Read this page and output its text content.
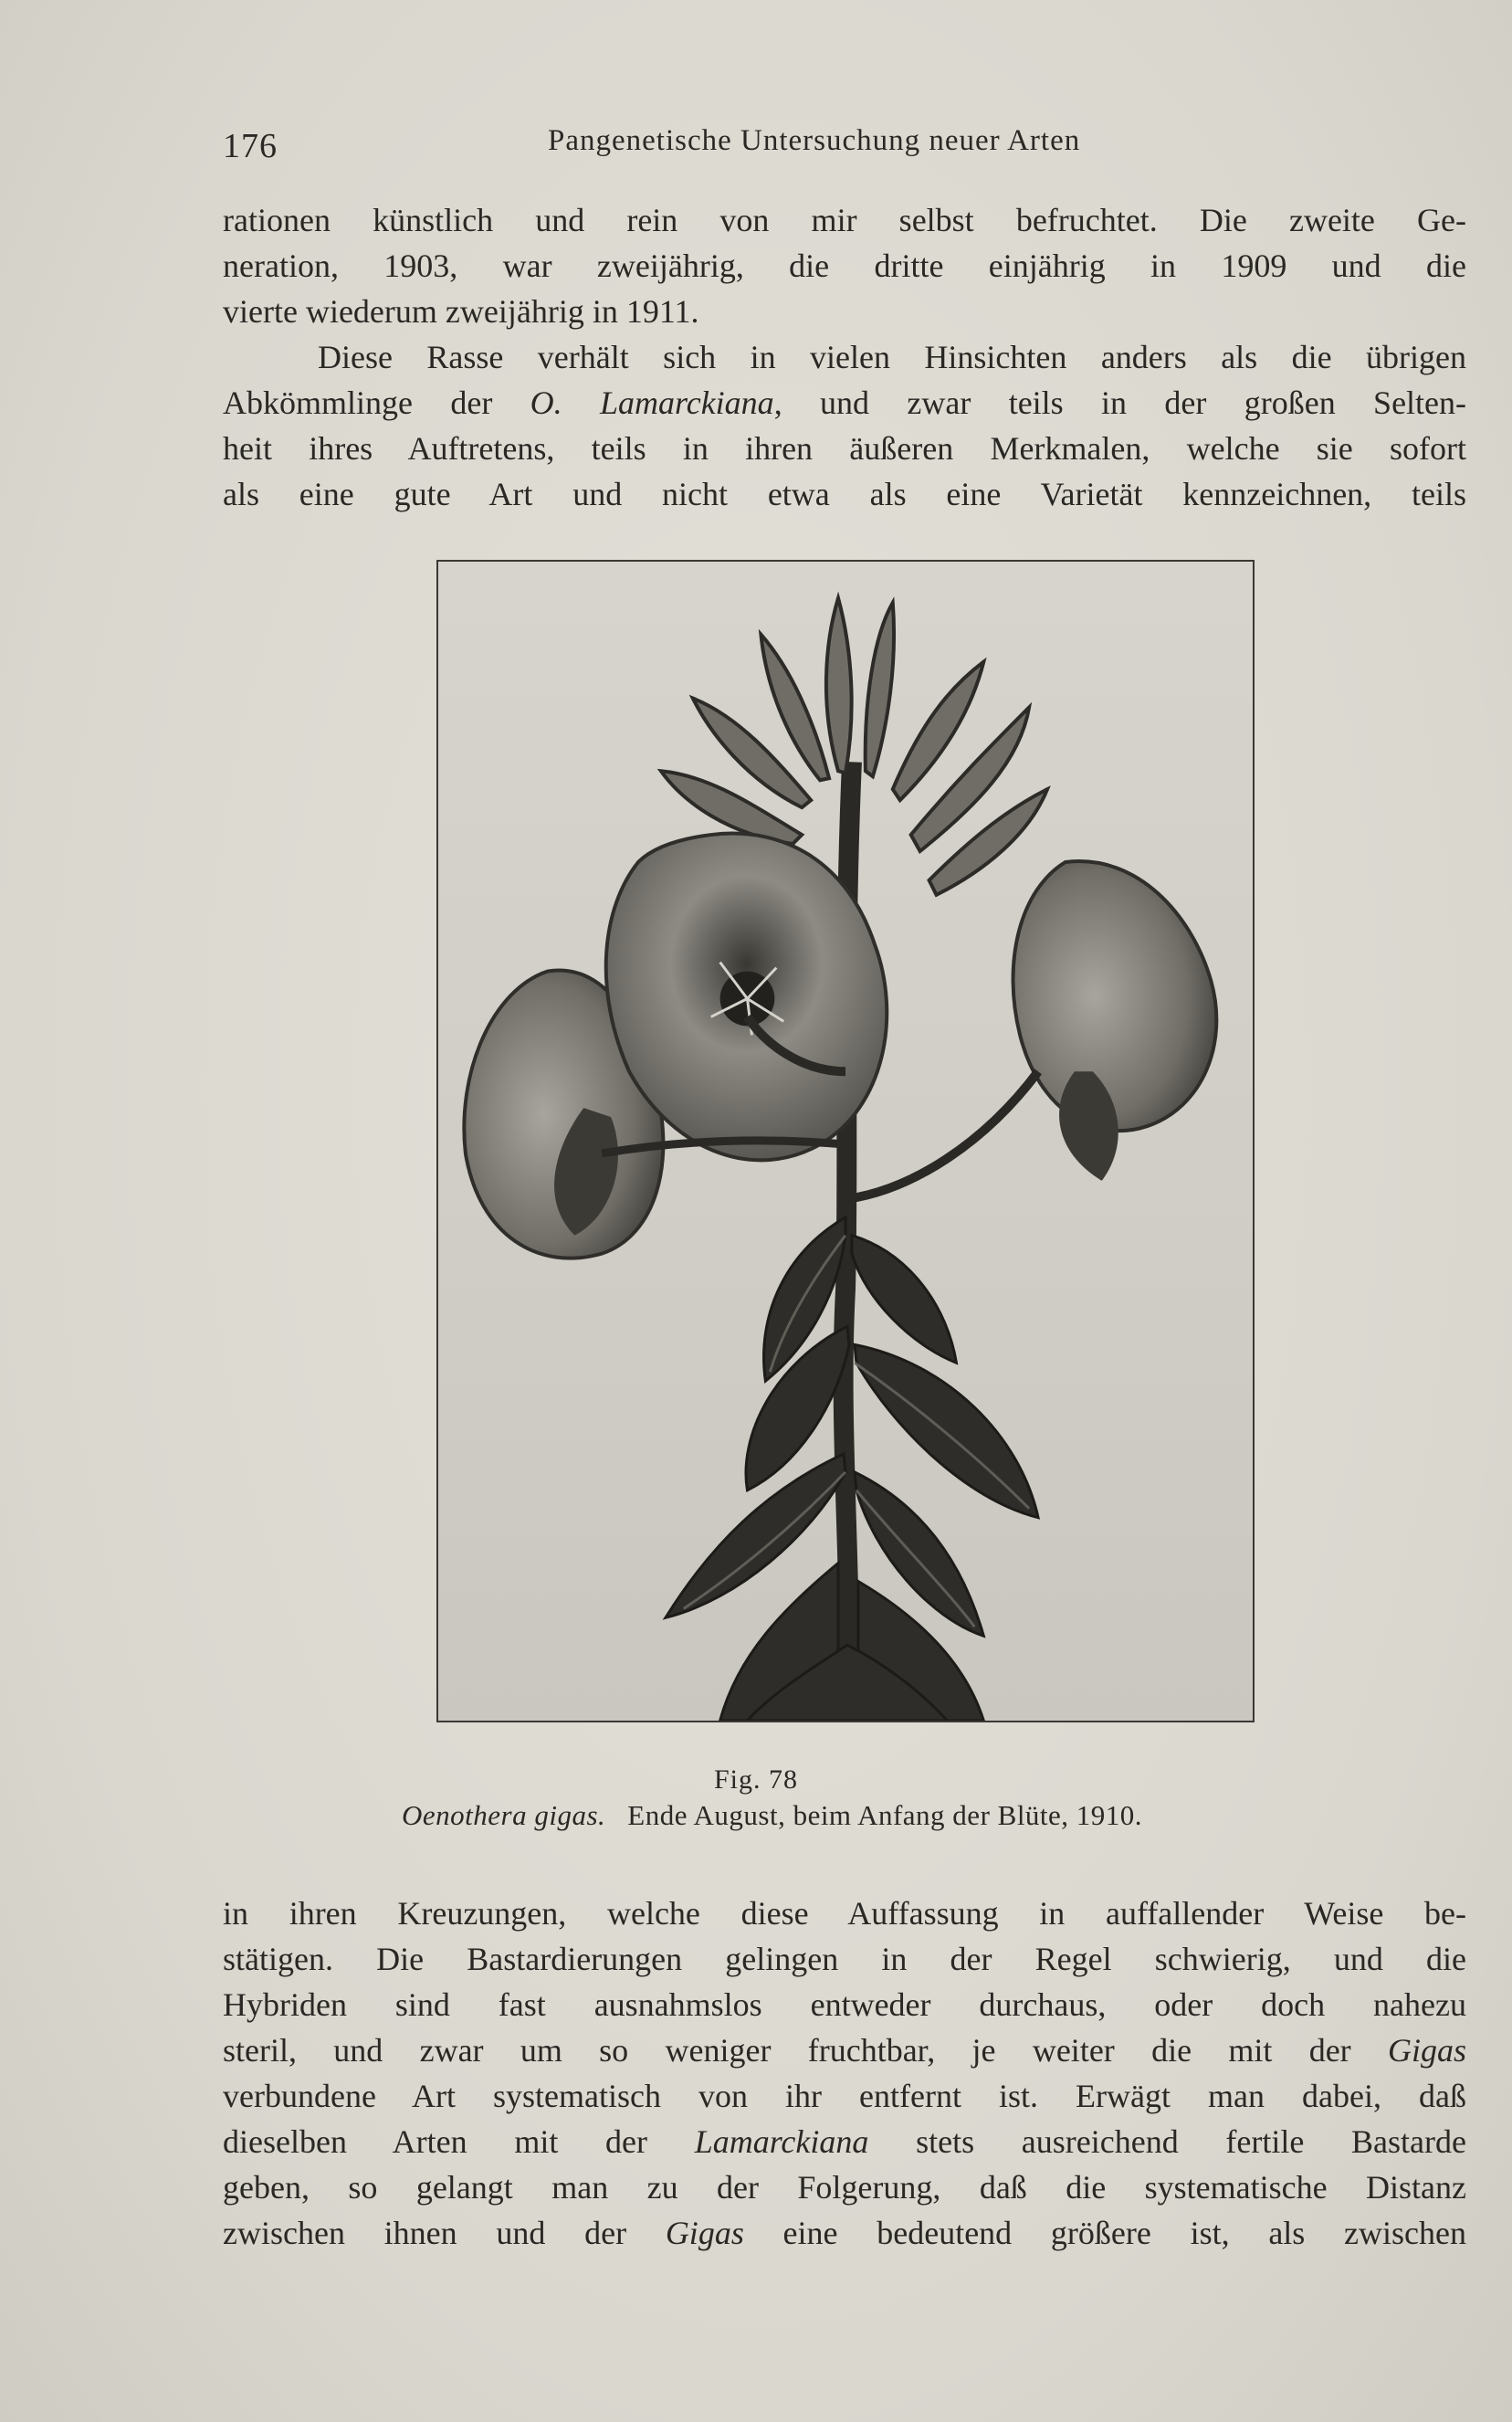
176	Pangenetische Untersuchung neuer Arten
rationen künstlich und rein von mir selbst befruchtet. Die zweite Ge-
neration, 1903, war zweijährig, die dritte einjährig in 1909 und die
vierte wiederum zweijährig in 1911.
Diese Rasse verhält sich in vielen Hinsichten anders als die übrigen
Abkömmlinge der O. Lamarckiana, und zwar teils in der großen Selten-
heit ihres Auftretens, teils in ihren äußeren Merkmalen, welche sie sofort
als eine gute Art und nicht etwa als eine Varietät kennzeichnen, teils
Fig. 78
Oenothera gigas. Ende August, beim Anfang der Blüte, 1910.
in ihren Kreuzungen, welche diese Auffassung in auffallender Weise be-
stätigen. Die Bastardierungen gelingen in der Regel schwierig, und die
Hybriden sind fast ausnahmslos entweder durchaus, oder doch nahezu
steril, und zwar um so weniger fruchtbar, je weiter die mit der Gigas
verbundene Art systematisch von ihr entfernt ist. Erwägt man dabei, daß
dieselben Arten mit der Lamarckiana stets ausreichend fertile Bastarde
geben, so gelangt man zu der Folgerung, daß die systematische Distanz
zwischen ihnen und der Gigas eine bedeutend größere ist, als zwischen
